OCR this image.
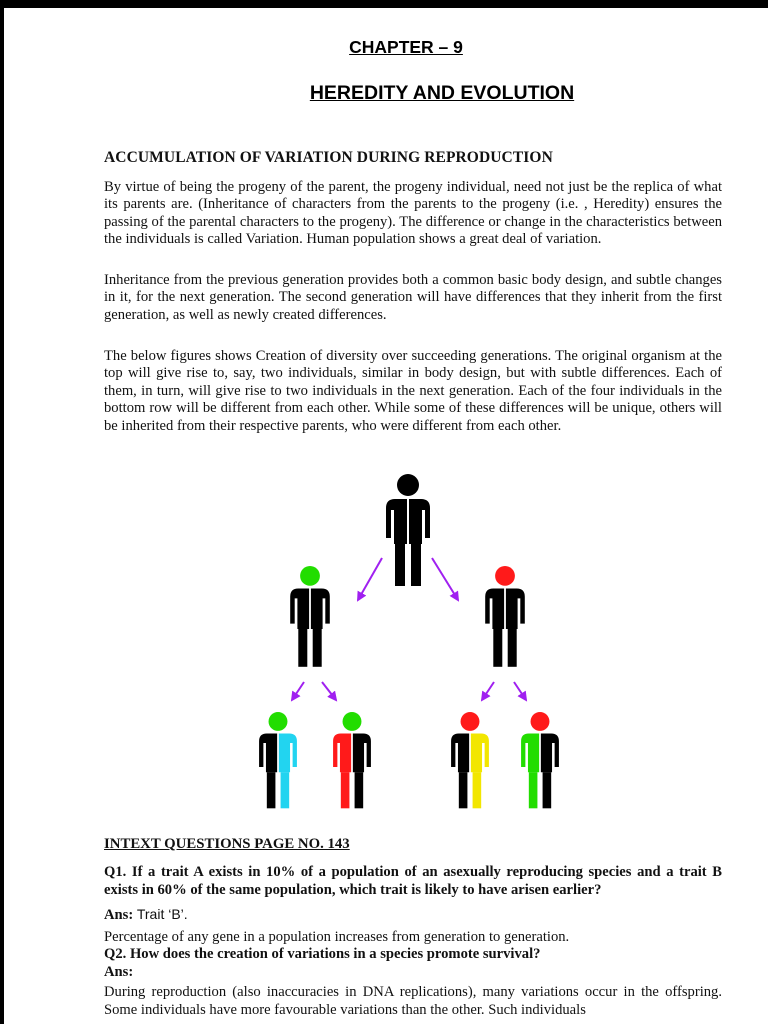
CHAPTER – 9
HEREDITY AND EVOLUTION
ACCUMULATION OF VARIATION DURING REPRODUCTION
By virtue of being the progeny of the parent, the progeny individual, need not just be the replica of what its parents are. (Inheritance of characters from the parents to the progeny (i.e. , Heredity) ensures the passing of the parental characters to the progeny). The difference or change in the characteristics between the individuals is called Variation. Human population shows a great deal of variation.
Inheritance from the previous generation provides both a common basic body design, and subtle changes in it, for the next generation. The second generation will have differences that they inherit from the first generation, as well as newly created differences.
The below figures shows Creation of diversity over succeeding generations. The original organism at the top will give rise to, say, two individuals, similar in body design, but with subtle differences. Each of them, in turn, will give rise to two individuals in the next generation. Each of the four individuals in the bottom row will be different from each other. While some of these differences will be unique, others will be inherited from their respective parents, who were different from each other.
INTEXT QUESTIONS PAGE NO. 143
Q1. If a trait A exists in 10% of a population of an asexually reproducing species and a trait B exists in 60% of the same population, which trait is likely to have arisen earlier?
Ans: Trait ‘B’.
Percentage of any gene in a population increases from generation to generation.
Q2. How does the creation of variations in a species promote survival?
Ans:
During reproduction (also inaccuracies in DNA replications), many variations occur in the offspring. Some individuals have more favourable variations than the other. Such individuals
